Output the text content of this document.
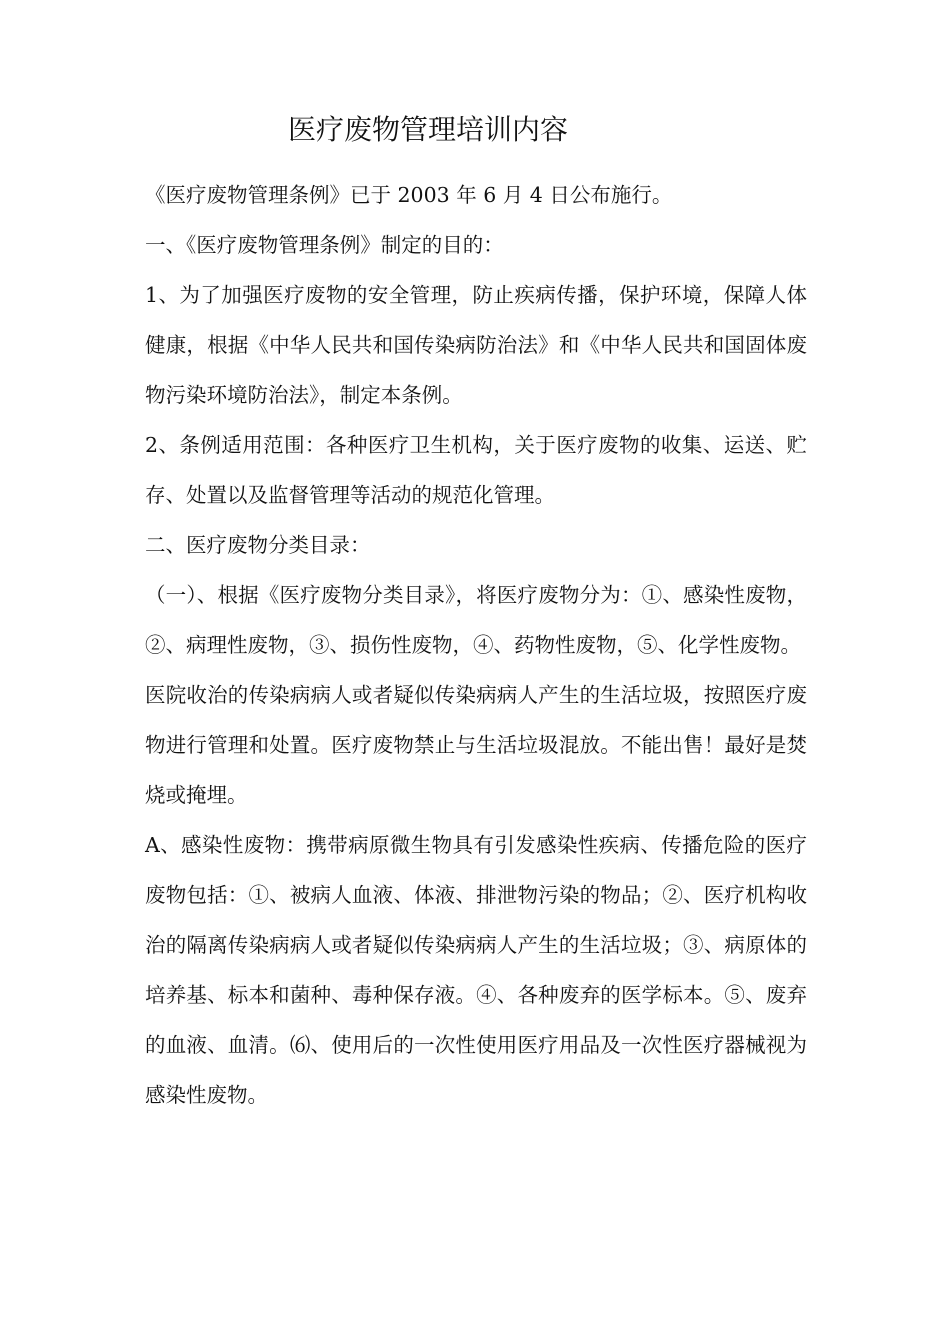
医疗废物管理培训内容

《医疗废物管理条例》已于 2003 年 6 月 4 日公布施行。

一、《医疗废物管理条例》制定的目的：

1、为了加强医疗废物的安全管理，防止疾病传播，保护环境，保障人体健康，根据《中华人民共和国传染病防治法》和《中华人民共和国固体废物污染环境防治法》，制定本条例。

2、条例适用范围：各种医疗卫生机构，关于医疗废物的收集、运送、贮存、处置以及监督管理等活动的规范化管理。

二、医疗废物分类目录：

（一）、根据《医疗废物分类目录》，将医疗废物分为：①、感染性废物，②、病理性废物，③、损伤性废物，④、药物性废物，⑤、化学性废物。

医院收治的传染病病人或者疑似传染病病人产生的生活垃圾，按照医疗废物进行管理和处置。医疗废物禁止与生活垃圾混放。不能出售！最好是焚烧或掩埋。

A、感染性废物：携带病原微生物具有引发感染性疾病、传播危险的医疗废物包括：①、被病人血液、体液、排泄物污染的物品；②、医疗机构收治的隔离传染病病人或者疑似传染病病人产生的生活垃圾；③、病原体的培养基、标本和菌种、毒种保存液。④、各种废弃的医学标本。⑤、废弃的血液、血清。⑹、使用后的一次性使用医疗用品及一次性医疗器械视为感染性废物。
